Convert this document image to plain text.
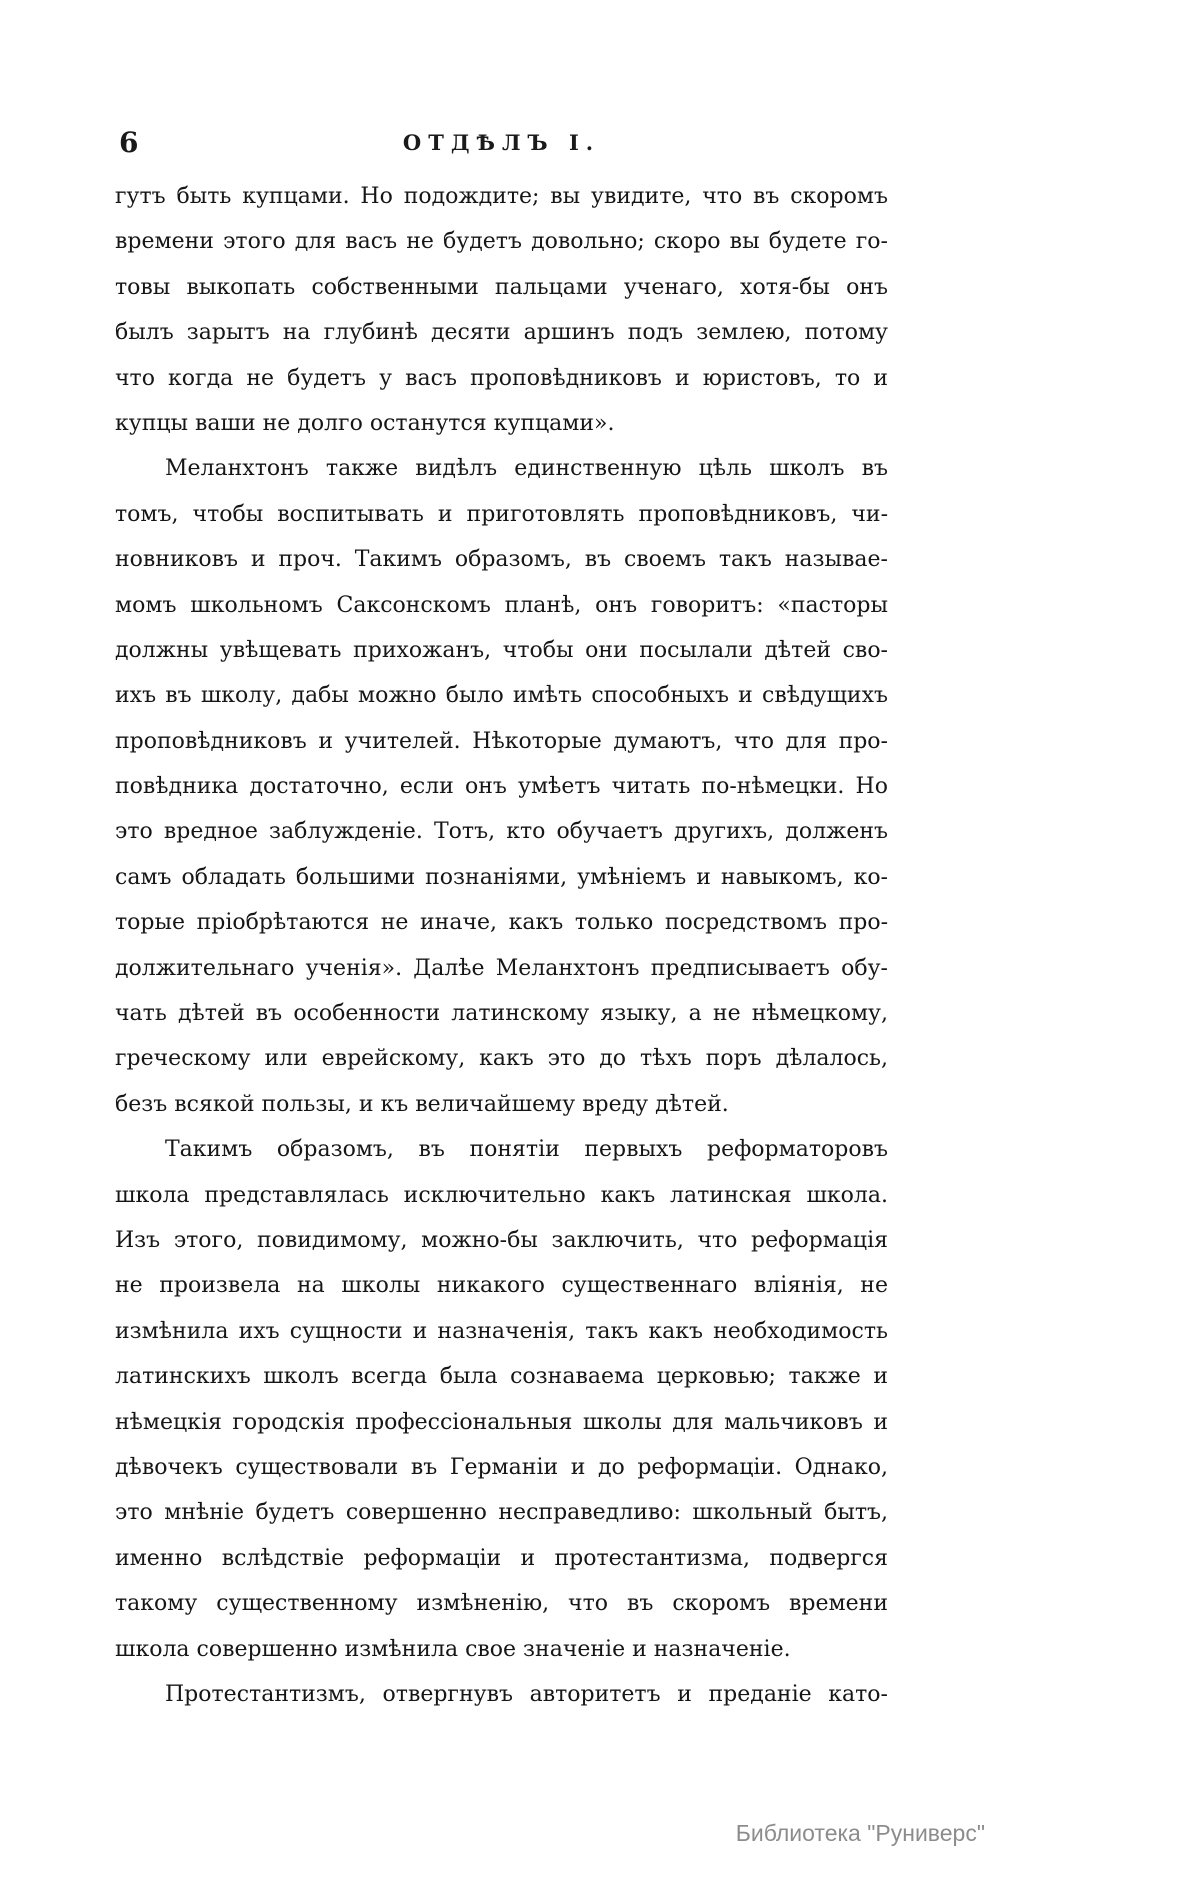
6	ОТДѢЛЪ I.
гутъ быть купцами. Но подождите; вы увидите, что въ скоромъ
времени этого для васъ не будетъ довольно; скоро вы будете го-
товы выкопать собственными пальцами ученаго, хотя-бы онъ
былъ зарытъ на глубинѣ десяти аршинъ подъ землею, потому
что когда не будетъ у васъ проповѣдниковъ и юристовъ, то и
купцы ваши не долго останутся купцами».
Меланхтонъ также видѣлъ единственную цѣль школъ въ
томъ, чтобы воспитывать и приготовлять проповѣдниковъ, чи-
новниковъ и проч. Такимъ образомъ, въ своемъ такъ называе-
момъ школьномъ Саксонскомъ планѣ, онъ говоритъ: «пасторы
должны увѣщевать прихожанъ, чтобы они посылали дѣтей сво-
ихъ въ школу, дабы можно было имѣть способныхъ и свѣдущихъ
проповѣдниковъ и учителей. Нѣкоторые думаютъ, что для про-
повѣдника достаточно, если онъ умѣетъ читать по-нѣмецки. Но
это вредное заблужденіе. Тотъ, кто обучаетъ другихъ, долженъ
самъ обладать большими познаніями, умѣніемъ и навыкомъ, ко-
торые пріобрѣтаются не иначе, какъ только посредствомъ про-
должительнаго ученія». Далѣе Меланхтонъ предписываетъ обу-
чать дѣтей въ особенности латинскому языку, а не нѣмецкому,
греческому или еврейскому, какъ это до тѣхъ поръ дѣлалось,
безъ всякой пользы, и къ величайшему вреду дѣтей.
Такимъ образомъ, въ понятіи первыхъ реформаторовъ
школа представлялась исключительно какъ латинская школа.
Изъ этого, повидимому, можно-бы заключить, что реформація
не произвела на школы никакого существеннаго вліянія, не
измѣнила ихъ сущности и назначенія, такъ какъ необходимость
латинскихъ школъ всегда была сознаваема церковью; также и
нѣмецкія городскія профессіональныя школы для мальчиковъ и
дѣвочекъ существовали въ Германіи и до реформаціи. Однако,
это мнѣніе будетъ совершенно несправедливо: школьный бытъ,
именно вслѣдствіе реформаціи и протестантизма, подвергся
такому существенному измѣненію, что въ скоромъ времени
школа совершенно измѣнила свое значеніе и назначеніе.
Протестантизмъ, отвергнувъ авторитетъ и преданіе като-
Библиотека "Руниверс"
